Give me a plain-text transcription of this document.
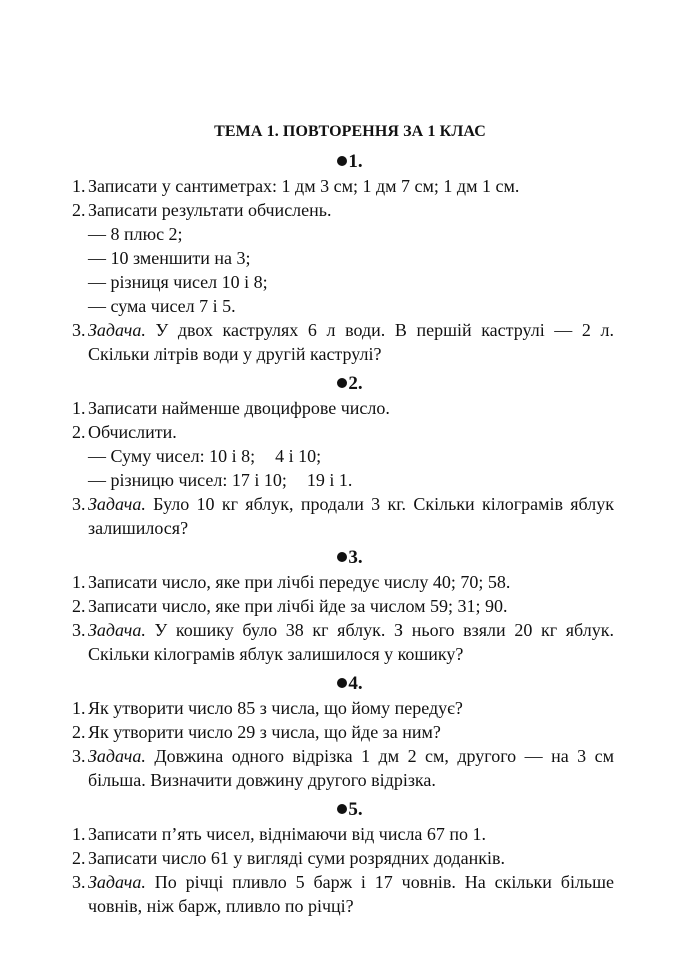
ТЕМА 1. ПОВТОРЕННЯ ЗА 1 КЛАС
1.
1. Записати у сантиметрах: 1 дм 3 см; 1 дм 7 см; 1 дм 1 см.
2. Записати результати обчислень.
— 8 плюс 2;
— 10 зменшити на 3;
— різниця чисел 10 і 8;
— сума чисел 7 і 5.
3. Задача. У двох каструлях 6 л води. В першій каструлі — 2 л. Скільки літрів води у другій каструлі?
2.
1. Записати найменше двоцифрове число.
2. Обчислити.
— Суму чисел: 10 і 8; 4 і 10;
— різницю чисел: 17 і 10; 19 і 1.
3. Задача. Було 10 кг яблук, продали 3 кг. Скільки кілограмів яблук залишилося?
3.
1. Записати число, яке при лічбі передує числу 40; 70; 58.
2. Записати число, яке при лічбі йде за числом 59; 31; 90.
3. Задача. У кошику було 38 кг яблук. З нього взяли 20 кг яблук. Скільки кілограмів яблук залишилося у кошику?
4.
1. Як утворити число 85 з числа, що йому передує?
2. Як утворити число 29 з числа, що йде за ним?
3. Задача. Довжина одного відрізка 1 дм 2 см, другого — на 3 см більша. Визначити довжину другого відрізка.
5.
1. Записати п’ять чисел, віднімаючи від числа 67 по 1.
2. Записати число 61 у вигляді суми розрядних доданків.
3. Задача. По річці пливло 5 барж і 17 човнів. На скільки більше човнів, ніж барж, пливло по річці?
